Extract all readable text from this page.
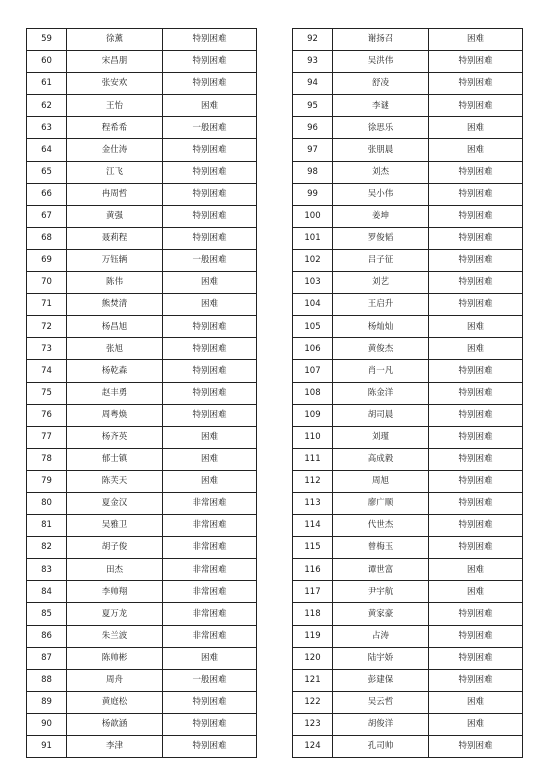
59	徐薰	特别困难
60	宋昌朋	特别困难
61	张安欢	特别困难
62	王怡	困难
63	程希希	一般困难
64	金仕涛	特别困难
65	江飞	特别困难
66	冉周哲	特别困难
67	黄强	特别困难
68	聂莉程	特别困难
69	万钰辆	一般困难
70	陈伟	困难
71	熊焚清	困难
72	杨昌旭	特别困难
73	张旭	特别困难
74	杨乾森	特别困难
75	赵丰勇	特别困难
76	周粤焕	特别困难
77	杨齐英	困难
78	郁士镇	困难
79	陈芙天	困难
80	夏金汉	非常困难
81	吴雅卫	非常困难
82	胡子俊	非常困难
83	田杰	非常困难
84	李帅翔	非常困难
85	夏万龙	非常困难
86	朱兰波	非常困难
87	陈帅彬	困难
88	周舟	一般困难
89	黄庭松	特别困难
90	杨歆涵	特别困难
91	李津	特别困难
92	谢扬召	困难
93	吴洪伟	特别困难
94	舒凌	特别困难
95	李谜	特别困难
96	徐思乐	困难
97	张朋晨	困难
98	刘杰	特别困难
99	吴小伟	特别困难
100	姜坤	特别困难
101	罗俊韬	特别困难
102	吕子征	特别困难
103	刘艺	特别困难
104	王启升	特别困难
105	杨灿灿	困难
106	黄俊杰	困难
107	肖一凡	特别困难
108	陈金洋	特别困难
109	胡司晨	特别困难
110	刘瑾	特别困难
111	高成毅	特别困难
112	周旭	特别困难
113	廖广顺	特别困难
114	代世杰	特别困难
115	曾梅玉	特别困难
116	谭世富	困难
117	尹宇航	困难
118	黄家豪	特别困难
119	占涛	特别困难
120	陆宇娇	特别困难
121	彭建保	特别困难
122	吴云哲	困难
123	胡俊洋	困难
124	孔司帅	特别困难
